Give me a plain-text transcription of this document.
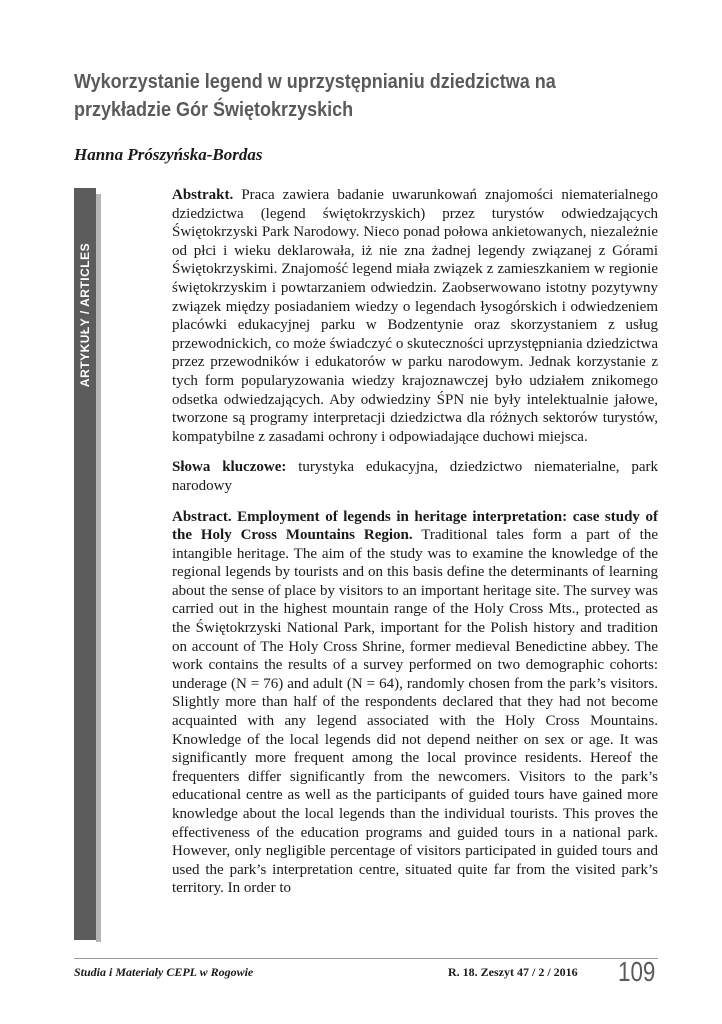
Wykorzystanie legend w uprzystępnianiu dziedzictwa na przykładzie Gór Świętokrzyskich
Hanna Prószyńska-Bordas
ARTYKUŁY / ARTICLES

Abstrakt. Praca zawiera badanie uwarunkowań znajomości niematerialnego dziedzictwa (legend świętokrzyskich) przez turystów odwiedzających Świętokrzyski Park Narodowy. Nieco ponad połowa ankietowanych, niezależnie od płci i wieku deklarowała, iż nie zna żadnej legendy związanej z Górami Świętokrzyskimi. Znajomość legend miała związek z zamieszkaniem w regionie świętokrzyskim i powtarzaniem odwiedzin. Zaobserwowano istotny pozytywny związek między posiadaniem wiedzy o legendach łysogórskich i odwiedzeniem placówki edukacyjnej parku w Bodzentynie oraz skorzystaniem z usług przewodnickich, co może świadczyć o skuteczności uprzystępniania dziedzictwa przez przewodników i edukatorów w parku narodowym. Jednak korzystanie z tych form popularyzowania wiedzy krajoznawczej było udziałem znikomego odsetka odwiedzających. Aby odwiedziny ŚPN nie były intelektualnie jałowe, tworzone są programy interpretacji dziedzictwa dla różnych sektorów turystów, kompatybilne z zasadami ochrony i odpowiadające duchowi miejsca.

Słowa kluczowe: turystyka edukacyjna, dziedzictwo niematerialne, park narodowy

Abstract. Employment of legends in heritage interpretation: case study of the Holy Cross Mountains Region. Traditional tales form a part of the intangible heritage. The aim of the study was to examine the knowledge of the regional legends by tourists and on this basis define the determinants of learning about the sense of place by visitors to an important heritage site. The survey was carried out in the highest mountain range of the Holy Cross Mts., protected as the Świętokrzyski National Park, important for the Polish history and tradition on account of The Holy Cross Shrine, former medieval Benedictine abbey. The work contains the results of a survey performed on two demographic cohorts: underage (N = 76) and adult (N = 64), randomly chosen from the park’s visitors. Slightly more than half of the respondents declared that they had not become acquainted with any legend associated with the Holy Cross Mountains. Knowledge of the local legends did not depend neither on sex or age. It was significantly more frequent among the local province residents. Hereof the frequenters differ significantly from the newcomers. Visitors to the park’s educational centre as well as the participants of guided tours have gained more knowledge about the local legends than the individual tourists. This proves the effectiveness of the education programs and guided tours in a national park. However, only negligible percentage of visitors participated in guided tours and used the park’s interpretation centre, situated quite far from the visited park’s territory. In order to

Studia i Materiały CEPL w Rogowie	R. 18. Zeszyt 47 / 2 / 2016 109
